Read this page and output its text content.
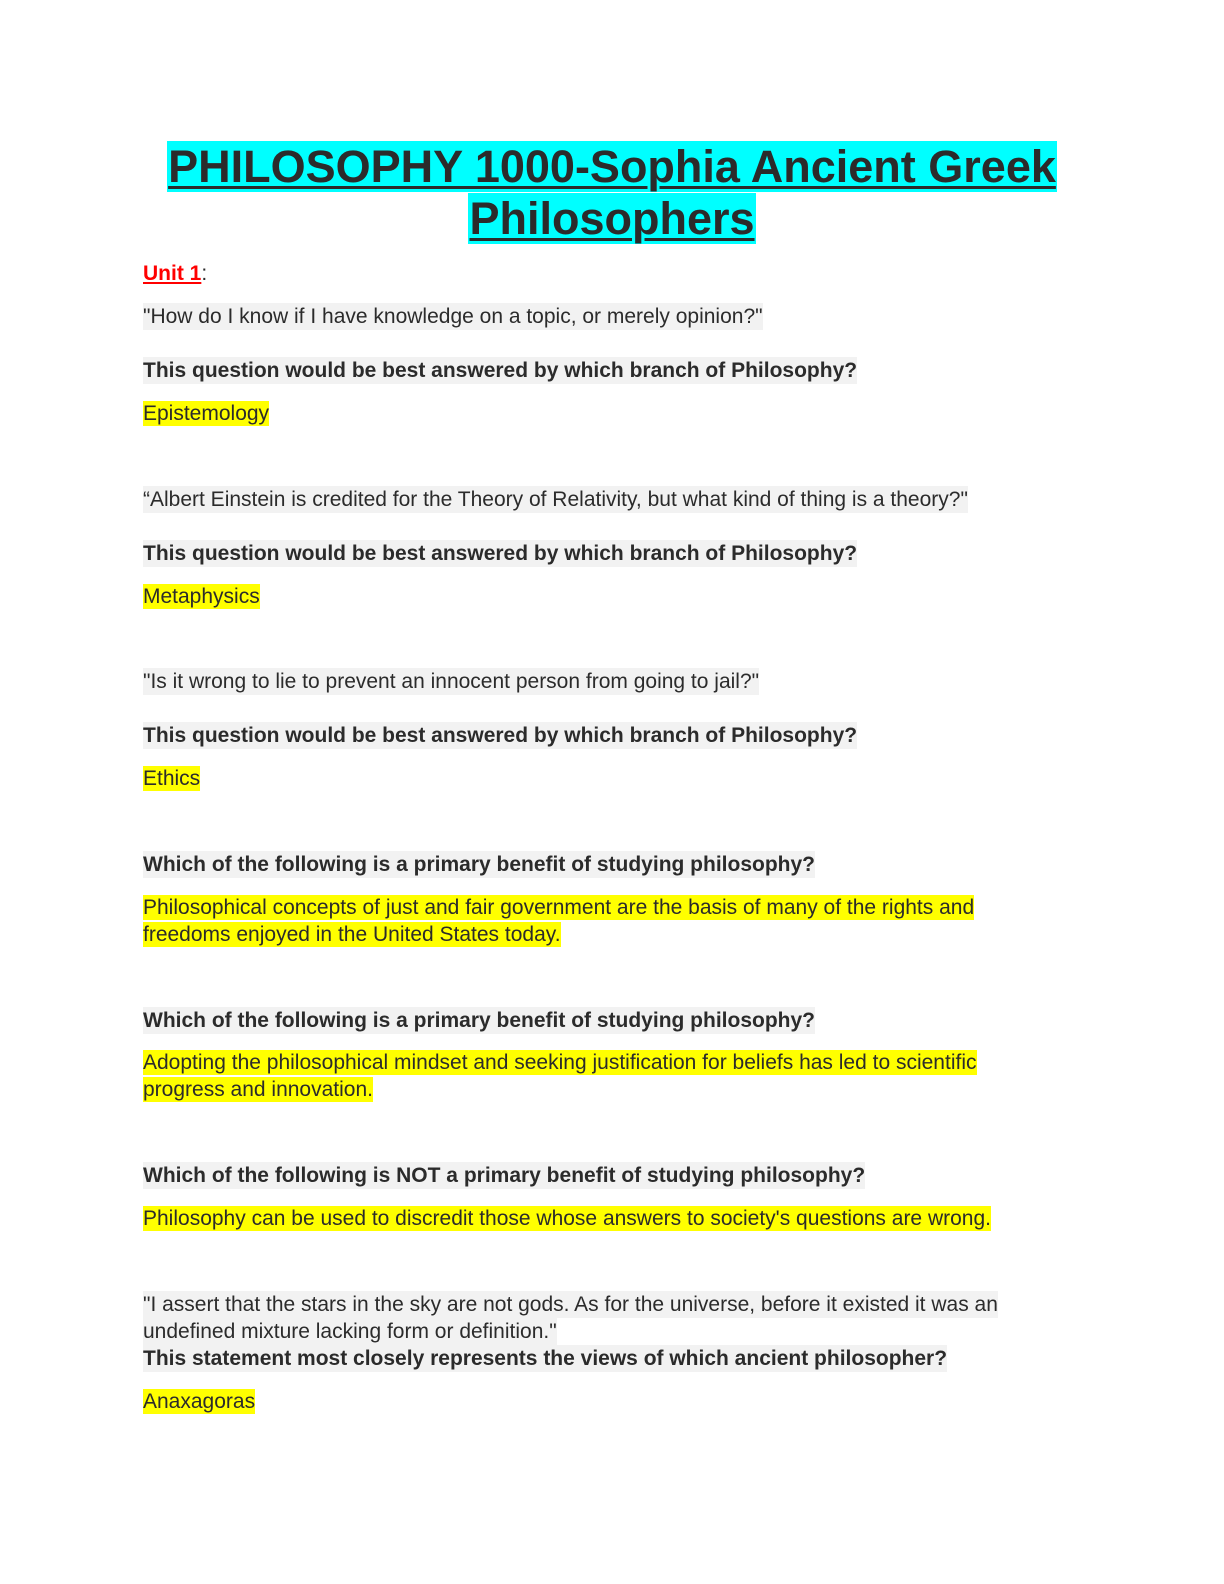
PHILOSOPHY 1000-Sophia Ancient Greek
Philosophers
Unit 1:
"How do I know if I have knowledge on a topic, or merely opinion?"
This question would be best answered by which branch of Philosophy?
Epistemology
“Albert Einstein is credited for the Theory of Relativity, but what kind of thing is a theory?"
This question would be best answered by which branch of Philosophy?
Metaphysics
"Is it wrong to lie to prevent an innocent person from going to jail?"
This question would be best answered by which branch of Philosophy?
Ethics
Which of the following is a primary benefit of studying philosophy?
Philosophical concepts of just and fair government are the basis of many of the rights and
freedoms enjoyed in the United States today.
Which of the following is a primary benefit of studying philosophy?
Adopting the philosophical mindset and seeking justification for beliefs has led to scientific
progress and innovation.
Which of the following is NOT a primary benefit of studying philosophy?
Philosophy can be used to discredit those whose answers to society's questions are wrong.
"I assert that the stars in the sky are not gods. As for the universe, before it existed it was an
undefined mixture lacking form or definition."
This statement most closely represents the views of which ancient philosopher?
Anaxagoras
